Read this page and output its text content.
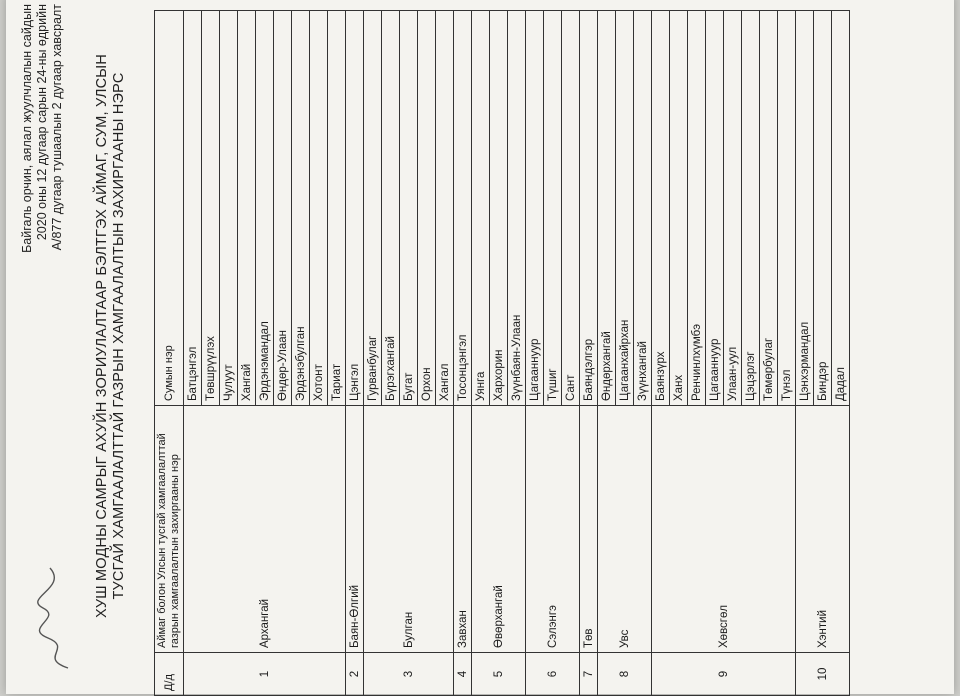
Байгаль орчин, аялал жуулчлалын сайдын 2020 оны 12 дугаар сарын 24-ны өдрийн А/877 дугаар тушаалын 2 дугаар хавсралт ХУШ МОДНЫ САМРЫГ АХУЙН ЗОРИУЛАЛТААР БЭЛТГЭХ АЙМАГ, СУМ, УЛСЫН ТУСГАЙ ХАМГААЛАЛТТАЙ ГАЗРЫН ХАМГААЛАЛТЫН ЗАХИРГААНЫ НЭРС
Д/д	Аймаг болон Улсын тусгай хамгаалалттай газрын хамгаалалтын захиргааны нэр	Сумын нэр
1	Архангай	Батцэнгэл
		Төвшрүүлэх
		Чулуут
		Хангай
		Эрдэнэмандал
		Өндөр-Улаан
		Эрдэнэбулган
		Хотонт
		Тариат
2	Баян-Өлгий	Цэнгэл
3	Булган	Гурванбулаг
		Бүрэгхангай
		Бугат
		Орхон
		Хангал
4	Завхан	Тосонцэнгэл
5	Өвөрхангай	Уянга
		Хархорин
		Зүүнбаян-Улаан
6	Сэлэнгэ	Цагааннуур
		Түшиг
		Сант
7	Төв	Баяндэлгэр
8	Увс	Өндөрхангай
		Цагаанхайрхан
		Зүүнхангай
9	Хөвсгөл	Баянзүрх
		Ханх
		Ренчинлхүмбэ
		Цагааннуур
		Улаан-уул
		Цэцэрлэг
		Төмөрбулаг
		Түнэл
10	Хэнтий	Цэнхэрмандал
		Биндэр
		Дадал
